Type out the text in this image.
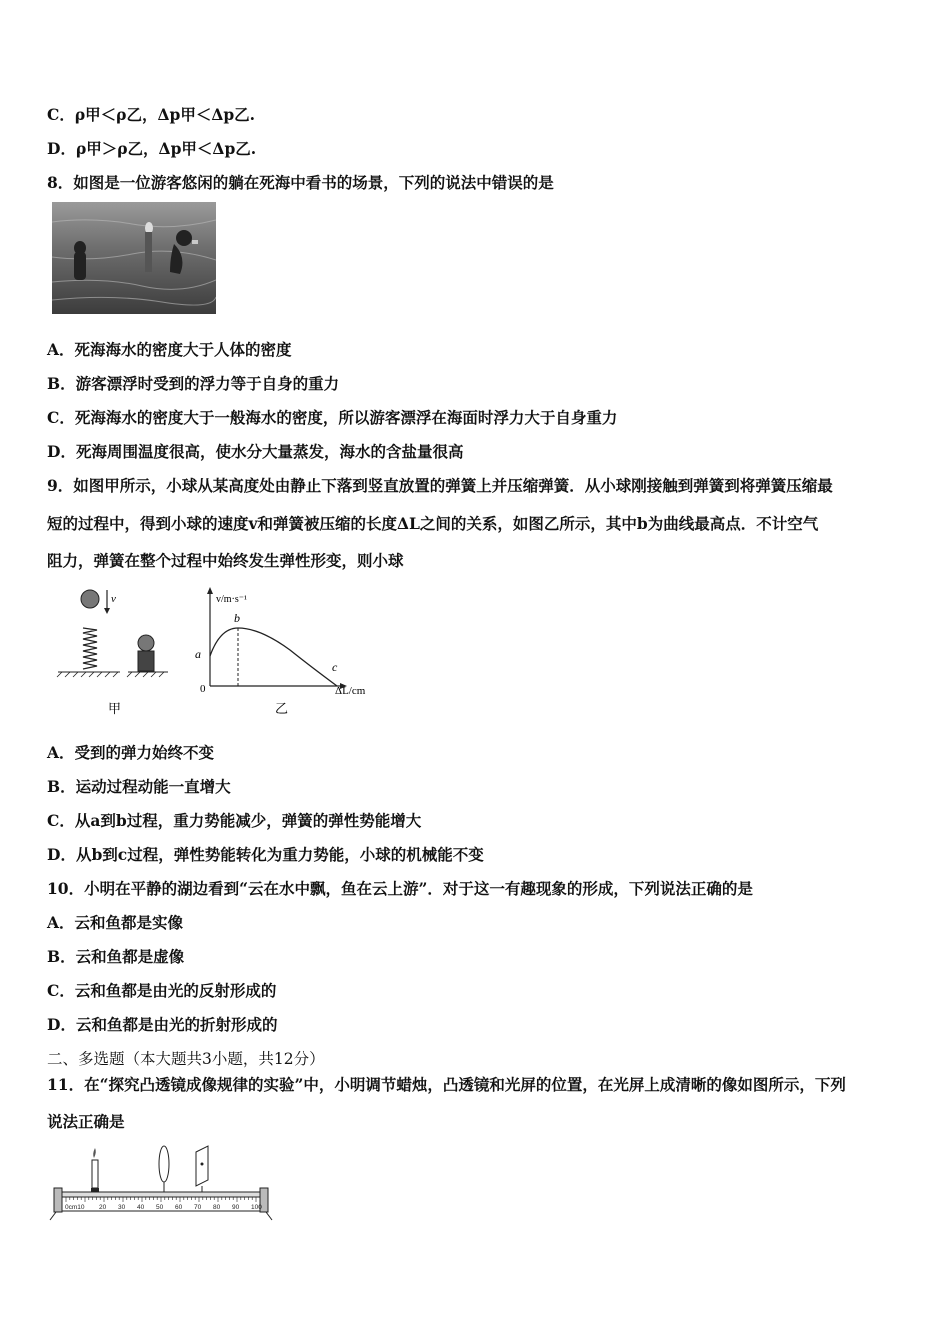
C．ρ甲＜ρ乙，Δp甲＜Δp乙.
D．ρ甲＞ρ乙，Δp甲＜Δp乙.
8．如图是一位游客悠闲的躺在死海中看书的场景，下列的说法中错误的是
A．死海海水的密度大于人体的密度
B．游客漂浮时受到的浮力等于自身的重力
C．死海海水的密度大于一般海水的密度，所以游客漂浮在海面时浮力大于自身重力
D．死海周围温度很高，使水分大量蒸发，海水的含盐量很高
9．如图甲所示，小球从某高度处由静止下落到竖直放置的弹簧上并压缩弹簧．从小球刚接触到弹簧到将弹簧压缩最
短的过程中，得到小球的速度v和弹簧被压缩的长度ΔL之间的关系，如图乙所示，其中b为曲线最高点．不计空气
阻力，弹簧在整个过程中始终发生弹性形变，则小球
v
甲
v/m·s⁻¹
ΔL/cm
0
a
b
c
乙
A．受到的弹力始终不变
B．运动过程动能一直增大
C．从a到b过程，重力势能减少，弹簧的弹性势能增大
D．从b到c过程，弹性势能转化为重力势能，小球的机械能不变
10．小明在平静的湖边看到“云在水中飘，鱼在云上游”．对于这一有趣现象的形成，下列说法正确的是
A．云和鱼都是实像
B．云和鱼都是虚像
C．云和鱼都是由光的反射形成的
D．云和鱼都是由光的折射形成的
二、多选题（本大题共3小题，共12分）
11．在“探究凸透镜成像规律的实验”中，小明调节蜡烛，凸透镜和光屏的位置，在光屏上成清晰的像如图所示，下列
说法正确是
0cm10 20 30 40 50 60 70 80 90 100
